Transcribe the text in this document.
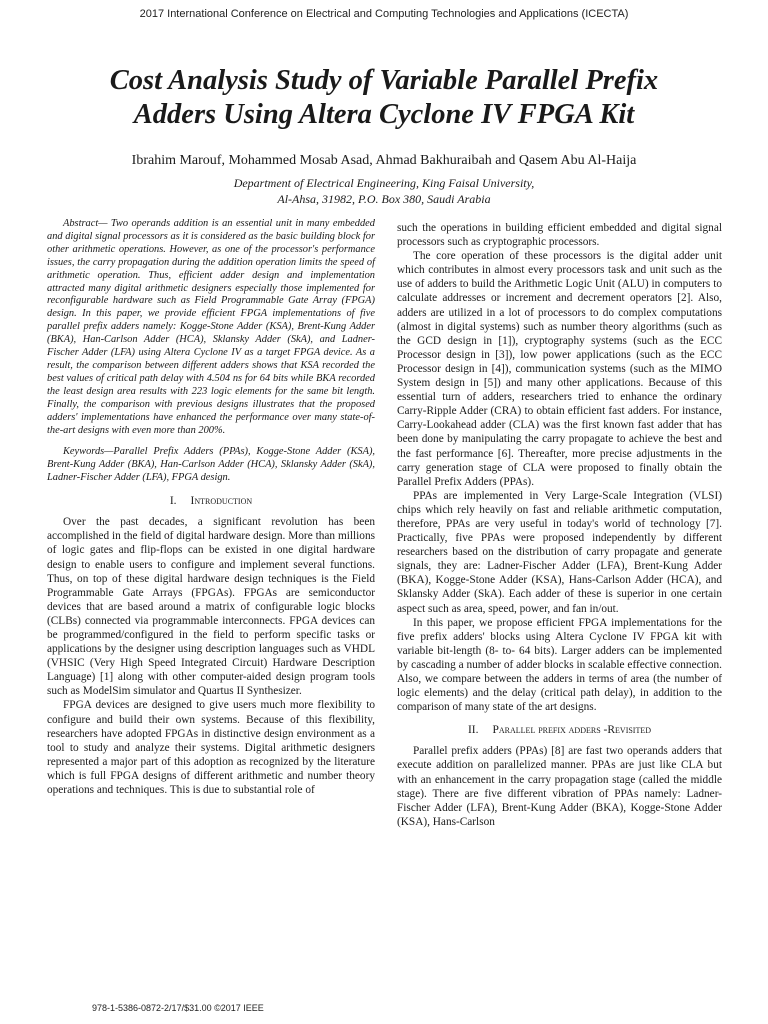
2017 International Conference on Electrical and Computing Technologies and Applications (ICECTA)
Cost Analysis Study of Variable Parallel Prefix
Adders Using Altera Cyclone IV FPGA Kit
Ibrahim Marouf, Mohammed Mosab Asad, Ahmad Bakhuraibah and Qasem Abu Al-Haija
Department of Electrical Engineering, King Faisal University,
Al-Ahsa, 31982, P.O. Box 380, Saudi Arabia

Abstract— Two operands addition is an essential unit in many embedded and digital signal processors as it is considered as the basic building block for other arithmetic operations. However, as one of the processor's performance issues, the carry propagation during the addition operation limits the speed of arithmetic operation. Thus, efficient adder design and implementation attracted many digital arithmetic designers especially those implemented for reconfigurable hardware such as Field Programmable Gate Array (FPGA) design. In this paper, we provide efficient FPGA implementations of five parallel prefix adders namely: Kogge-Stone Adder (KSA), Brent-Kung Adder (BKA), Han-Carlson Adder (HCA), Sklansky Adder (SkA), and Ladner-Fischer Adder (LFA) using Altera Cyclone IV as a target FPGA device. As a result, the comparison between different adders shows that KSA recorded the best values of critical path delay with 4.504 ns for 64 bits while BKA recorded the least design area results with 223 logic elements for the same bit length. Finally, the comparison with previous designs illustrates that the proposed adders' implementations have enhanced the performance over many state-of-the-art designs with even more than 200%.

Keywords—Parallel Prefix Adders (PPAs), Kogge-Stone Adder (KSA), Brent-Kung Adder (BKA), Han-Carlson Adder (HCA), Sklansky Adder (SkA), Ladner-Fischer Adder (LFA), FPGA design.

I. Introduction

Over the past decades, a significant revolution has been accomplished in the field of digital hardware design. More than millions of logic gates and flip-flops can be existed in one digital hardware design to enable users to configure and implement several functions. Thus, on top of these digital hardware design techniques is the Field Programmable Gate Arrays (FPGAs). FPGAs are semiconductor devices that are based around a matrix of configurable logic blocks (CLBs) connected via programmable interconnects. FPGA devices can be programmed/configured in the field to perform specific tasks or applications by the designer using description languages such as VHDL (VHSIC (Very High Speed Integrated Circuit) Hardware Description Language) [1] along with other computer-aided design program tools such as ModelSim simulator and Quartus II Synthesizer.

FPGA devices are designed to give users much more flexibility to configure and build their own systems. Because of this flexibility, researchers have adopted FPGAs in distinctive design environment as a tool to study and analyze their systems. Digital arithmetic designers represented a major part of this adoption as recognized by the literature which is full FPGA designs of different arithmetic and number theory operations and techniques. This is due to substantial role of

such the operations in building efficient embedded and digital signal processors such as cryptographic processors.

The core operation of these processors is the digital adder unit which contributes in almost every processors task and unit such as the use of adders to build the Arithmetic Logic Unit (ALU) in computers to calculate addresses or increment and decrement operators [2]. Also, adders are utilized in a lot of processors to do complex computations (almost in digital systems) such as number theory algorithms (such as the GCD design in [1]), cryptography systems (such as the ECC Processor design in [3]), low power applications (such as the ECC Processor design in [4]), communication systems (such as the MIMO System design in [5]) and many other applications. Because of this essential turn of adders, researchers tried to enhance the ordinary Carry-Ripple Adder (CRA) to obtain efficient fast adders. For instance, Carry-Lookahead adder (CLA) was the first known fast adder that has been done by manipulating the carry propagate to achieve the best and the fast performance [6]. Thereafter, more precise adjustments in the carry generation stage of CLA were proposed to finally obtain the Parallel Prefix Adders (PPAs).

PPAs are implemented in Very Large-Scale Integration (VLSI) chips which rely heavily on fast and reliable arithmetic computation, therefore, PPAs are very useful in today's world of technology [7]. Practically, five PPAs were proposed independently by different researchers based on the distribution of carry propagate and generate signals, they are: Ladner-Fischer Adder (LFA), Brent-Kung Adder (BKA), Kogge-Stone Adder (KSA), Hans-Carlson Adder (HCA), and Sklansky Adder (SkA). Each adder of these is superior in one certain aspect such as area, speed, power, and fan in/out.

In this paper, we propose efficient FPGA implementations for the five prefix adders' blocks using Altera Cyclone IV FPGA kit with variable bit-length (8- to- 64 bits). Larger adders can be implemented by cascading a number of adder blocks in scalable effective connection. Also, we compare between the adders in terms of area (the number of logic elements) and the delay (critical path delay), in addition to the comparison of many state of the art designs.

II. Parallel prefix adders -Revisited

Parallel prefix adders (PPAs) [8] are fast two operands adders that execute addition on parallelized manner. PPAs are just like CLA but with an enhancement in the carry propagation stage (called the middle stage). There are five different vibration of PPAs namely: Ladner-Fischer Adder (LFA), Brent-Kung Adder (BKA), Kogge-Stone Adder (KSA), Hans-Carlson

978-1-5386-0872-2/17/$31.00 ©2017 IEEE
